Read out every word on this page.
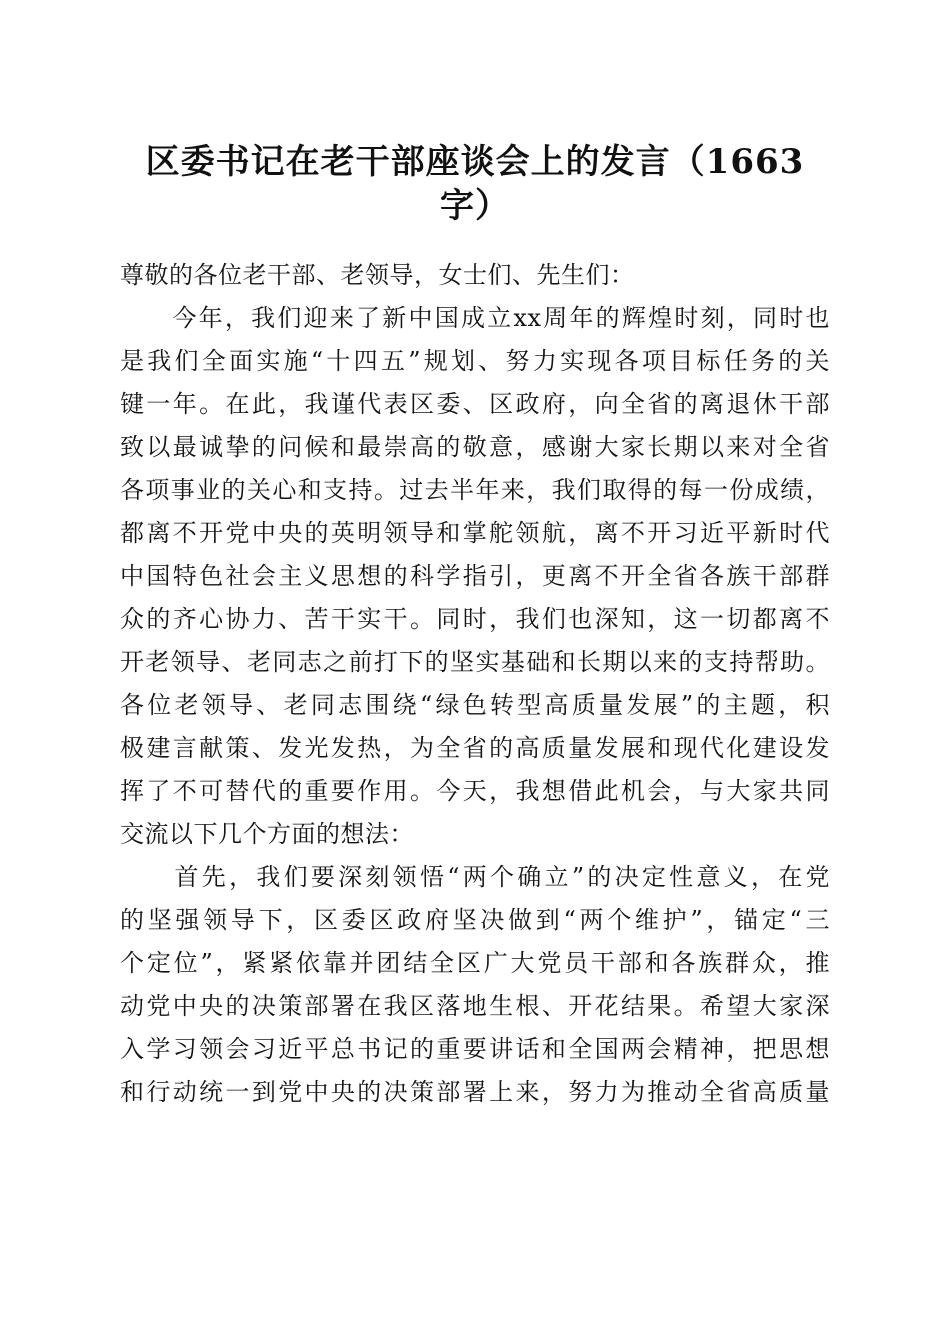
区委书记在老干部座谈会上的发言（1663
字）
尊敬的各位老干部、老领导，女士们、先生们：
　　今年，我们迎来了新中国成立xx周年的辉煌时刻，同时也
是我们全面实施“十四五”规划、努力实现各项目标任务的关
键一年。在此，我谨代表区委、区政府，向全省的离退休干部
致以最诚挚的问候和最崇高的敬意，感谢大家长期以来对全省
各项事业的关心和支持。过去半年来，我们取得的每一份成绩，
都离不开党中央的英明领导和掌舵领航，离不开习近平新时代
中国特色社会主义思想的科学指引，更离不开全省各族干部群
众的齐心协力、苦干实干。同时，我们也深知，这一切都离不
开老领导、老同志之前打下的坚实基础和长期以来的支持帮助。
各位老领导、老同志围绕“绿色转型高质量发展”的主题，积
极建言献策、发光发热，为全省的高质量发展和现代化建设发
挥了不可替代的重要作用。今天，我想借此机会，与大家共同
交流以下几个方面的想法：
　　首先，我们要深刻领悟“两个确立”的决定性意义，在党
的坚强领导下，区委区政府坚决做到“两个维护”，锚定“三
个定位”，紧紧依靠并团结全区广大党员干部和各族群众，推
动党中央的决策部署在我区落地生根、开花结果。希望大家深
入学习领会习近平总书记的重要讲话和全国两会精神，把思想
和行动统一到党中央的决策部署上来，努力为推动全省高质量
